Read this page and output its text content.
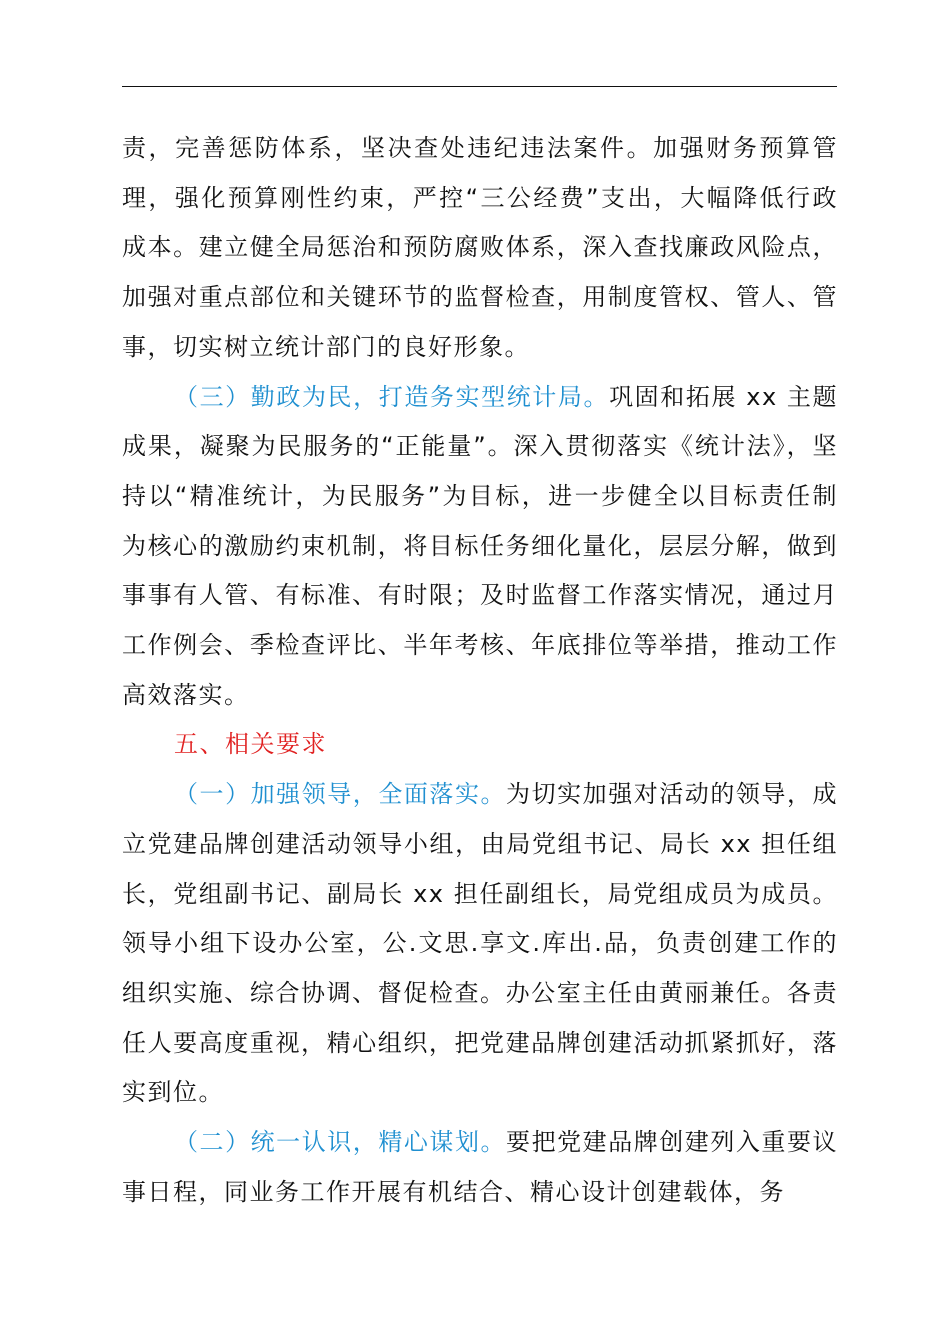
责，完善惩防体系，坚决查处违纪违法案件。加强财务预算管理，强化预算刚性约束，严控“三公经费”支出，大幅降低行政成本。建立健全局惩治和预防腐败体系，深入查找廉政风险点，加强对重点部位和关键环节的监督检查，用制度管权、管人、管事，切实树立统计部门的良好形象。

（三）勤政为民，打造务实型统计局。巩固和拓展 xx 主题成果，凝聚为民服务的“正能量”。深入贯彻落实《统计法》，坚持以“精准统计，为民服务”为目标，进一步健全以目标责任制为核心的激励约束机制，将目标任务细化量化，层层分解，做到事事有人管、有标准、有时限；及时监督工作落实情况，通过月工作例会、季检查评比、半年考核、年底排位等举措，推动工作高效落实。

五、相关要求

（一）加强领导，全面落实。为切实加强对活动的领导，成立党建品牌创建活动领导小组，由局党组书记、局长 xx 担任组长，党组副书记、副局长 xx 担任副组长，局党组成员为成员。领导小组下设办公室，公.文思.享文.库出.品，负责创建工作的组织实施、综合协调、督促检查。办公室主任由黄丽兼任。各责任人要高度重视，精心组织，把党建品牌创建活动抓紧抓好，落实到位。

（二）统一认识，精心谋划。要把党建品牌创建列入重要议事日程，同业务工作开展有机结合、精心设计创建载体，务
